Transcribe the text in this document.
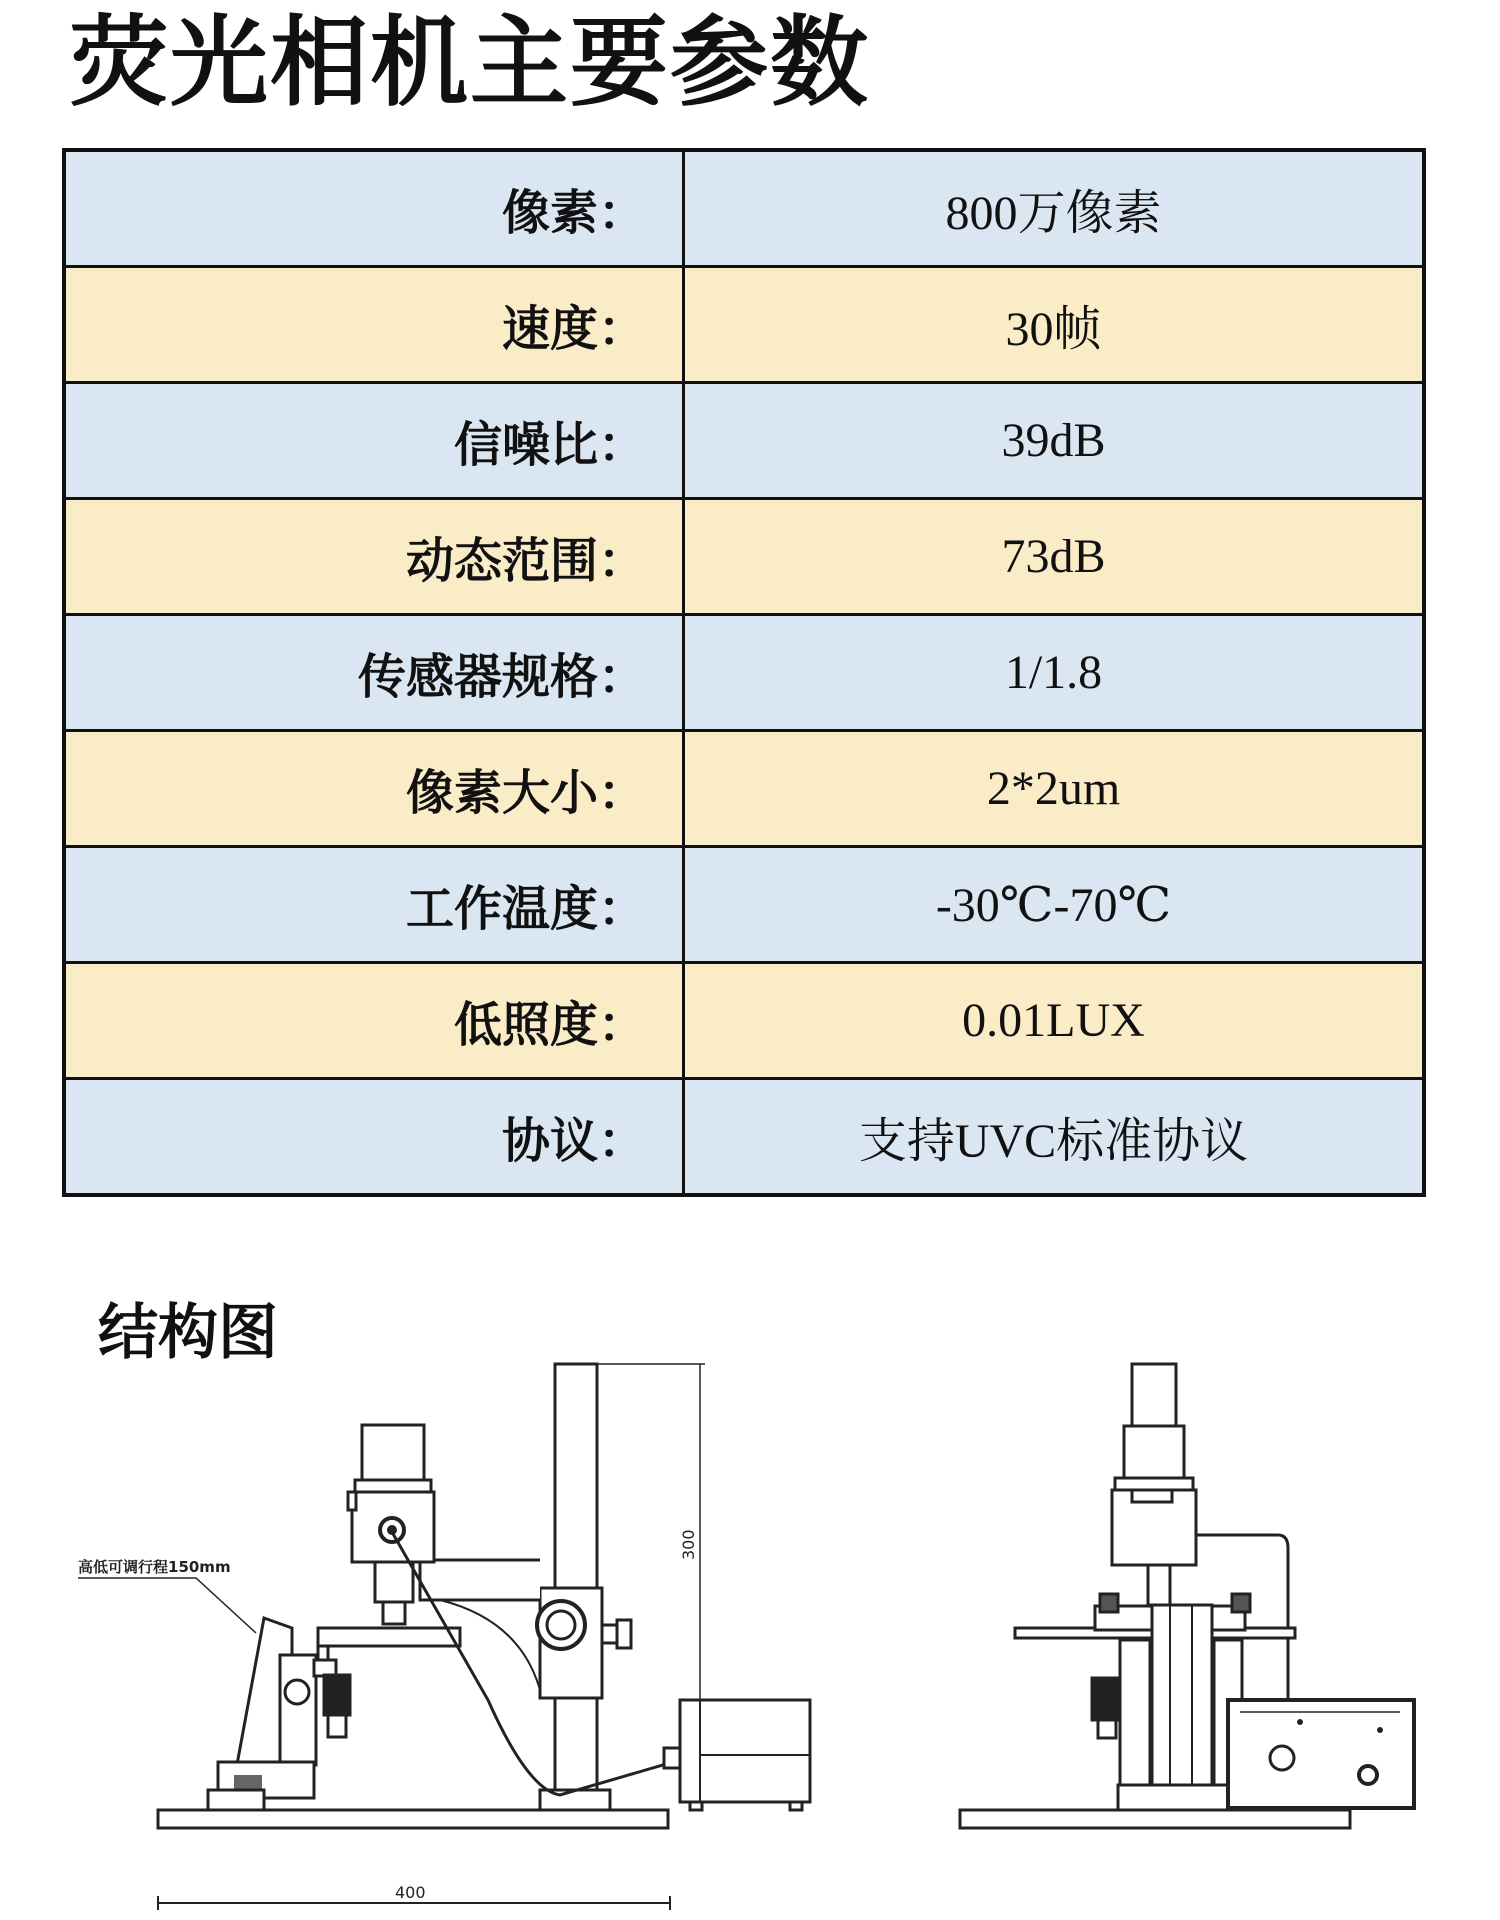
荧光相机主要参数
像素：	800万像素
速度：	30帧
信噪比：	39dB
动态范围：	73dB
传感器规格：	1/1.8
像素大小：	2*2um
工作温度：	-30℃-70℃
低照度：	0.01LUX
协议：	支持UVC标准协议
结构图
高低可调行程150mm
300
400
